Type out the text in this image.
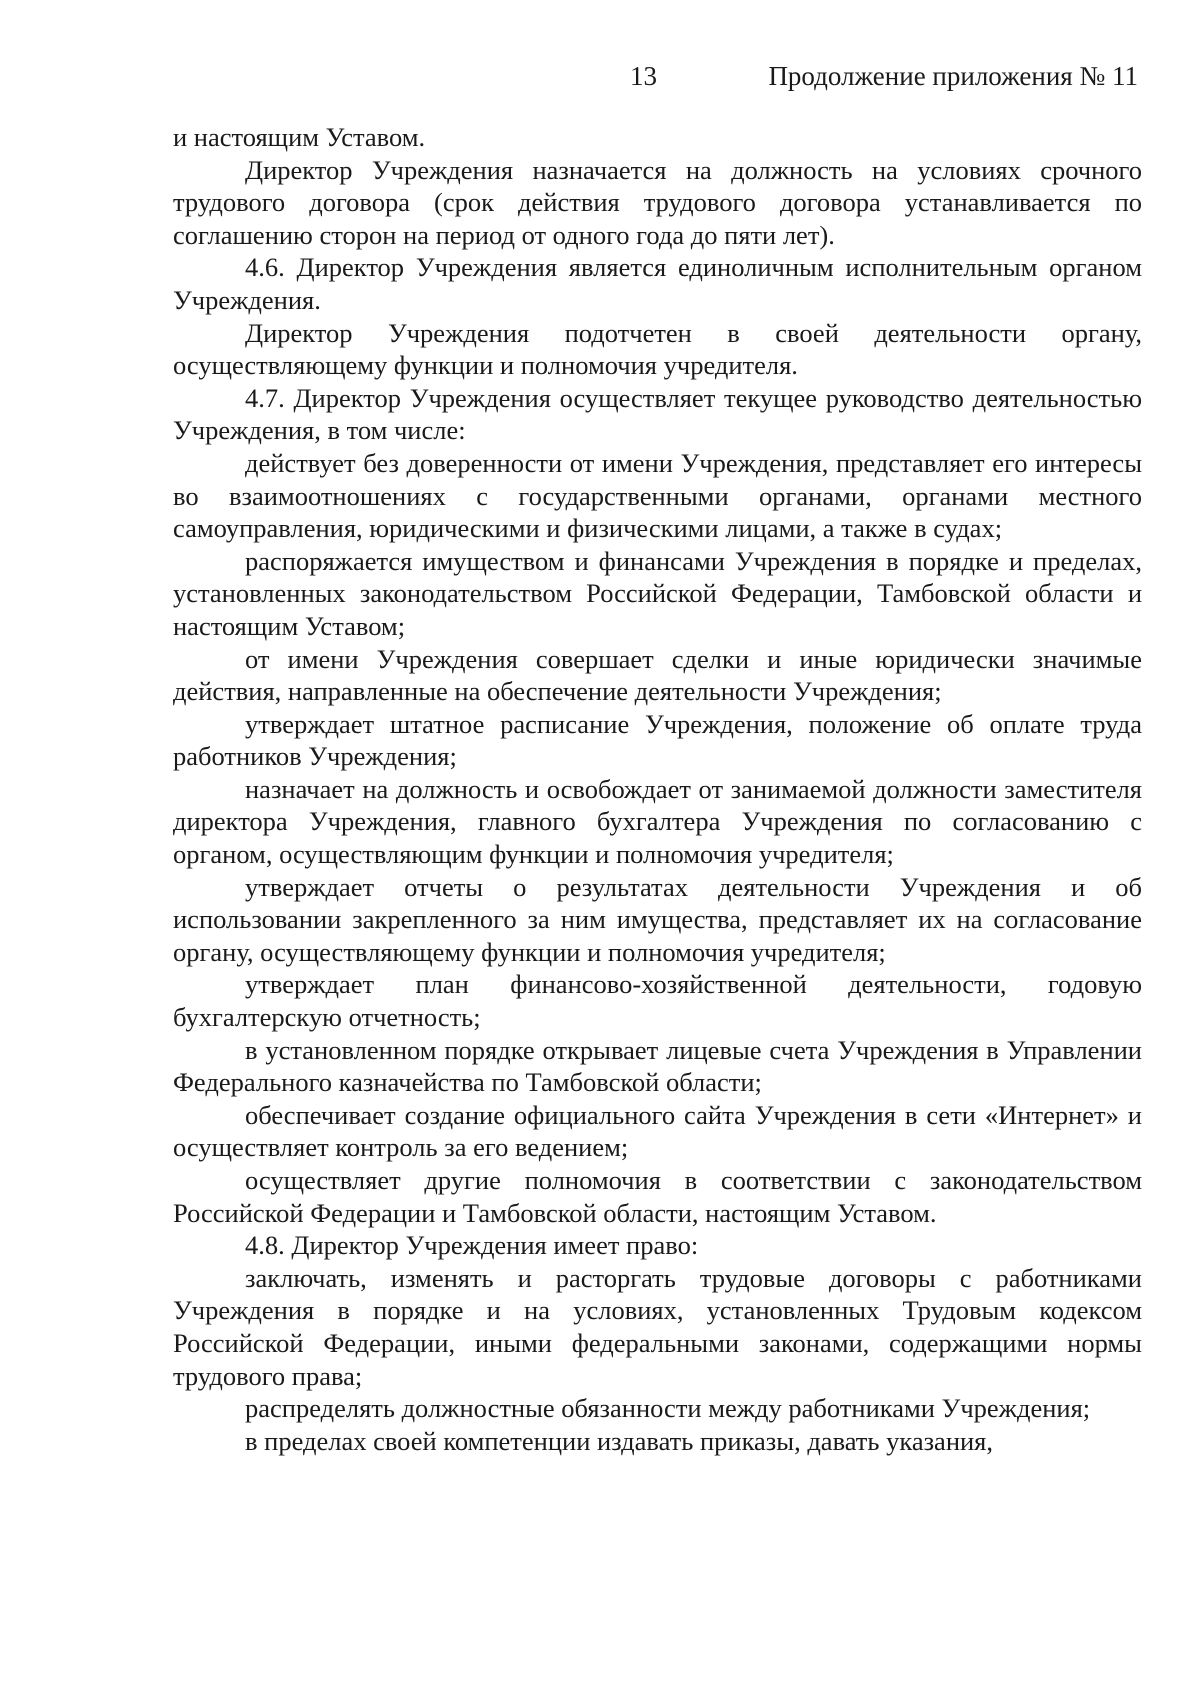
13	Продолжение приложения № 11

и настоящим Уставом.

Директор Учреждения назначается на должность на условиях срочного трудового договора (срок действия трудового договора устанавливается по соглашению сторон на период от одного года до пяти лет).

4.6. Директор Учреждения является единоличным исполнительным органом Учреждения.

Директор Учреждения подотчетен в своей деятельности органу, осуществляющему функции и полномочия учредителя.

4.7. Директор Учреждения осуществляет текущее руководство деятельностью Учреждения, в том числе:

действует без доверенности от имени Учреждения, представляет его интересы во взаимоотношениях с государственными органами, органами местного самоуправления, юридическими и физическими лицами, а также в судах;

распоряжается имуществом и финансами Учреждения в порядке и пределах, установленных законодательством Российской Федерации, Тамбовской области и настоящим Уставом;

от имени Учреждения совершает сделки и иные юридически значимые действия, направленные на обеспечение деятельности Учреждения;

утверждает штатное расписание Учреждения, положение об оплате труда работников Учреждения;

назначает на должность и освобождает от занимаемой должности заместителя директора Учреждения, главного бухгалтера Учреждения по согласованию с органом, осуществляющим функции и полномочия учредителя;

утверждает отчеты о результатах деятельности Учреждения и об использовании закрепленного за ним имущества, представляет их на согласование органу, осуществляющему функции и полномочия учредителя;

утверждает план финансово-хозяйственной деятельности, годовую бухгалтерскую отчетность;

в установленном порядке открывает лицевые счета Учреждения в Управлении Федерального казначейства по Тамбовской области;

обеспечивает создание официального сайта Учреждения в сети «Интернет» и осуществляет контроль за его ведением;

осуществляет другие полномочия в соответствии с законодательством Российской Федерации и Тамбовской области, настоящим Уставом.

4.8. Директор Учреждения имеет право:

заключать, изменять и расторгать трудовые договоры с работниками Учреждения в порядке и на условиях, установленных Трудовым кодексом Российской Федерации, иными федеральными законами, содержащими нормы трудового права;

распределять должностные обязанности между работниками Учреждения;

в пределах своей компетенции издавать приказы, давать указания,
